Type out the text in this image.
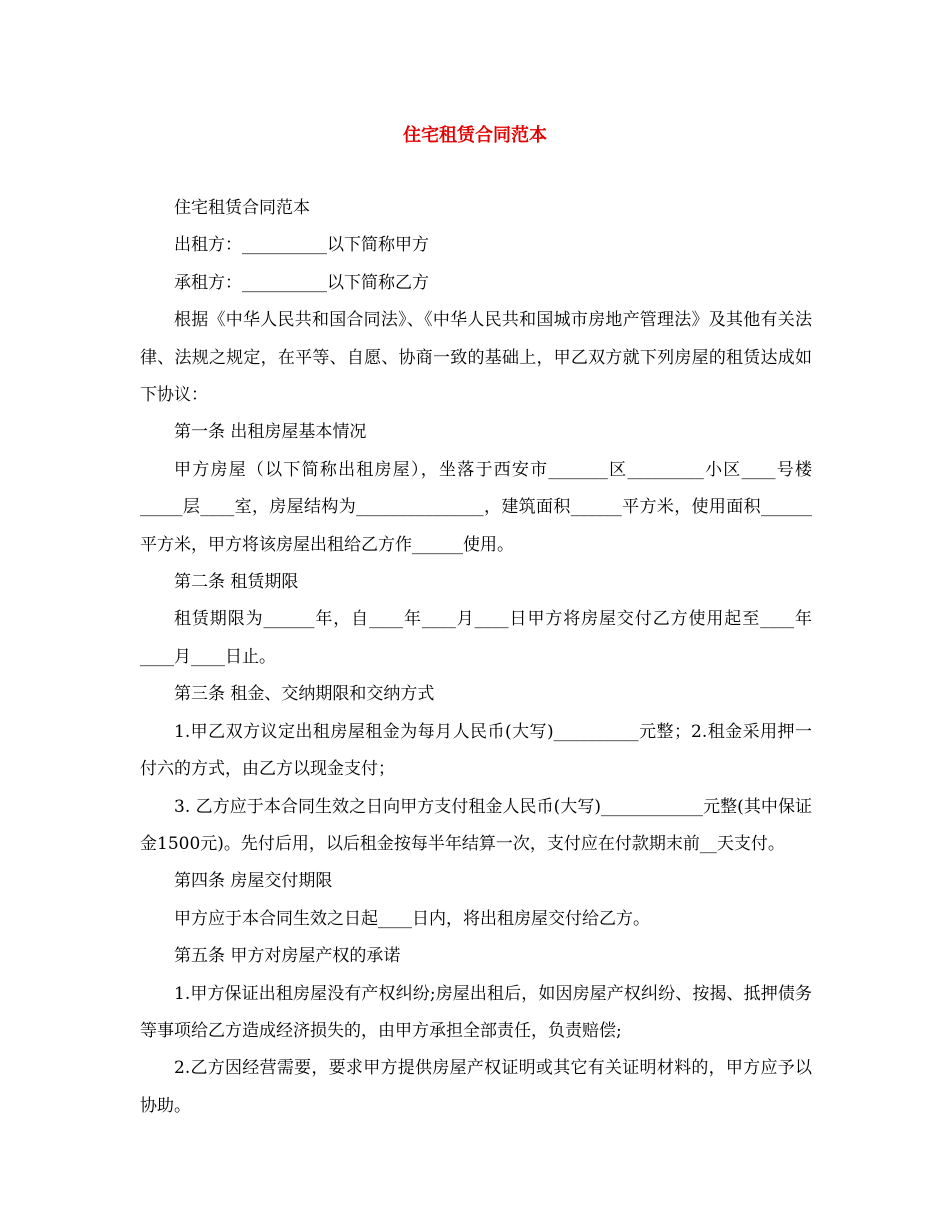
住宅租赁合同范本

住宅租赁合同范本

出租方：__________以下简称甲方

承租方：__________以下简称乙方

根据《中华人民共和国合同法》、《中华人民共和国城市房地产管理法》及其他有关法律、法规之规定，在平等、自愿、协商一致的基础上，甲乙双方就下列房屋的租赁达成如下协议：

第一条 出租房屋基本情况

甲方房屋（以下简称出租房屋），坐落于西安市_______区_________小区____号楼_____层____室，房屋结构为_______________，建筑面积______平方米，使用面积______平方米，甲方将该房屋出租给乙方作______使用。

第二条 租赁期限

租赁期限为______年，自____年____月____日甲方将房屋交付乙方使用起至____年____月____日止。

第三条 租金、交纳期限和交纳方式

1.甲乙双方议定出租房屋租金为每月人民币(大写)__________元整；2.租金采用押一付六的方式，由乙方以现金支付；

3. 乙方应于本合同生效之日向甲方支付租金人民币(大写)____________元整(其中保证金1500元)。先付后用，以后租金按每半年结算一次，支付应在付款期末前__天支付。

第四条 房屋交付期限

甲方应于本合同生效之日起____日内，将出租房屋交付给乙方。

第五条 甲方对房屋产权的承诺

1.甲方保证出租房屋没有产权纠纷;房屋出租后，如因房屋产权纠纷、按揭、抵押债务等事项给乙方造成经济损失的，由甲方承担全部责任，负责赔偿;

2.乙方因经营需要，要求甲方提供房屋产权证明或其它有关证明材料的，甲方应予以协助。
